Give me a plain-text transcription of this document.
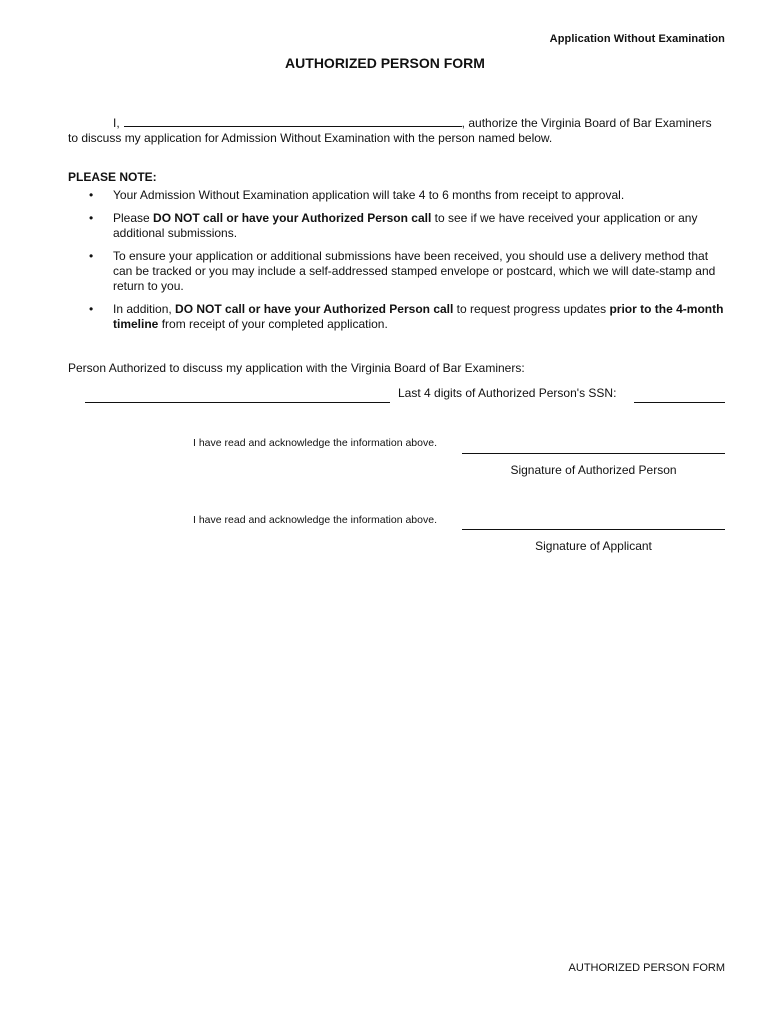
Application Without Examination
AUTHORIZED PERSON FORM
I,	, authorize the Virginia Board of Bar Examiners
to discuss my application for Admission Without Examination with the person named below.
PLEASE NOTE:
• Your Admission Without Examination application will take 4 to 6 months from receipt to approval.
• Please DO NOT call or have your Authorized Person call to see if we have received your application or any additional submissions.
• To ensure your application or additional submissions have been received, you should use a delivery method that can be tracked or you may include a self-addressed stamped envelope or postcard, which we will date-stamp and return to you.
• In addition, DO NOT call or have your Authorized Person call to request progress updates prior to the 4-month timeline from receipt of your completed application.
Person Authorized to discuss my application with the Virginia Board of Bar Examiners:
Last 4 digits of Authorized Person's SSN:
I have read and acknowledge the information above.
Signature of Authorized Person
I have read and acknowledge the information above.
Signature of Applicant
AUTHORIZED PERSON FORM
